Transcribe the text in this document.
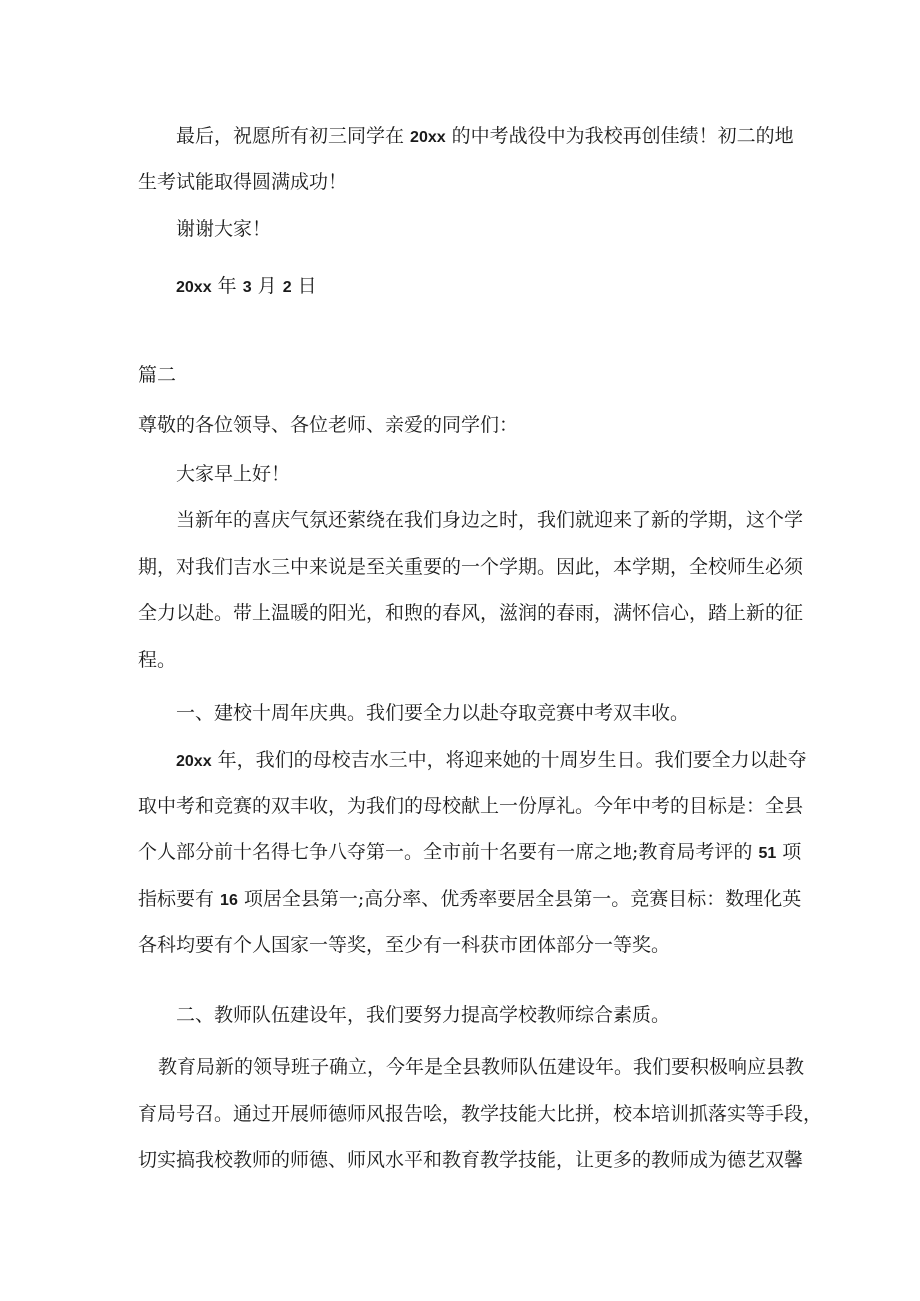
最后，祝愿所有初三同学在 20xx 的中考战役中为我校再创佳绩！初二的地
生考试能取得圆满成功！
谢谢大家！
20xx 年 3 月 2 日
篇二
尊敬的各位领导、各位老师、亲爱的同学们：
大家早上好！
当新年的喜庆气氛还萦绕在我们身边之时，我们就迎来了新的学期，这个学
期，对我们吉水三中来说是至关重要的一个学期。因此，本学期，全校师生必须
全力以赴。带上温暖的阳光，和煦的春风，滋润的春雨，满怀信心，踏上新的征
程。
一、建校十周年庆典。我们要全力以赴夺取竞赛中考双丰收。
20xx 年，我们的母校吉水三中，将迎来她的十周岁生日。我们要全力以赴夺
取中考和竞赛的双丰收，为我们的母校献上一份厚礼。今年中考的目标是：全县
个人部分前十名得七争八夺第一。全市前十名要有一席之地;教育局考评的 51 项
指标要有 16 项居全县第一;高分率、优秀率要居全县第一。竞赛目标：数理化英
各科均要有个人国家一等奖，至少有一科获市团体部分一等奖。
二、教师队伍建设年，我们要努力提高学校教师综合素质。
教育局新的领导班子确立，今年是全县教师队伍建设年。我们要积极响应县教
育局号召。通过开展师德师风报告哙，教学技能大比拼，校本培训抓落实等手段，
切实搞我校教师的师德、师风水平和教育教学技能，让更多的教师成为德艺双馨
